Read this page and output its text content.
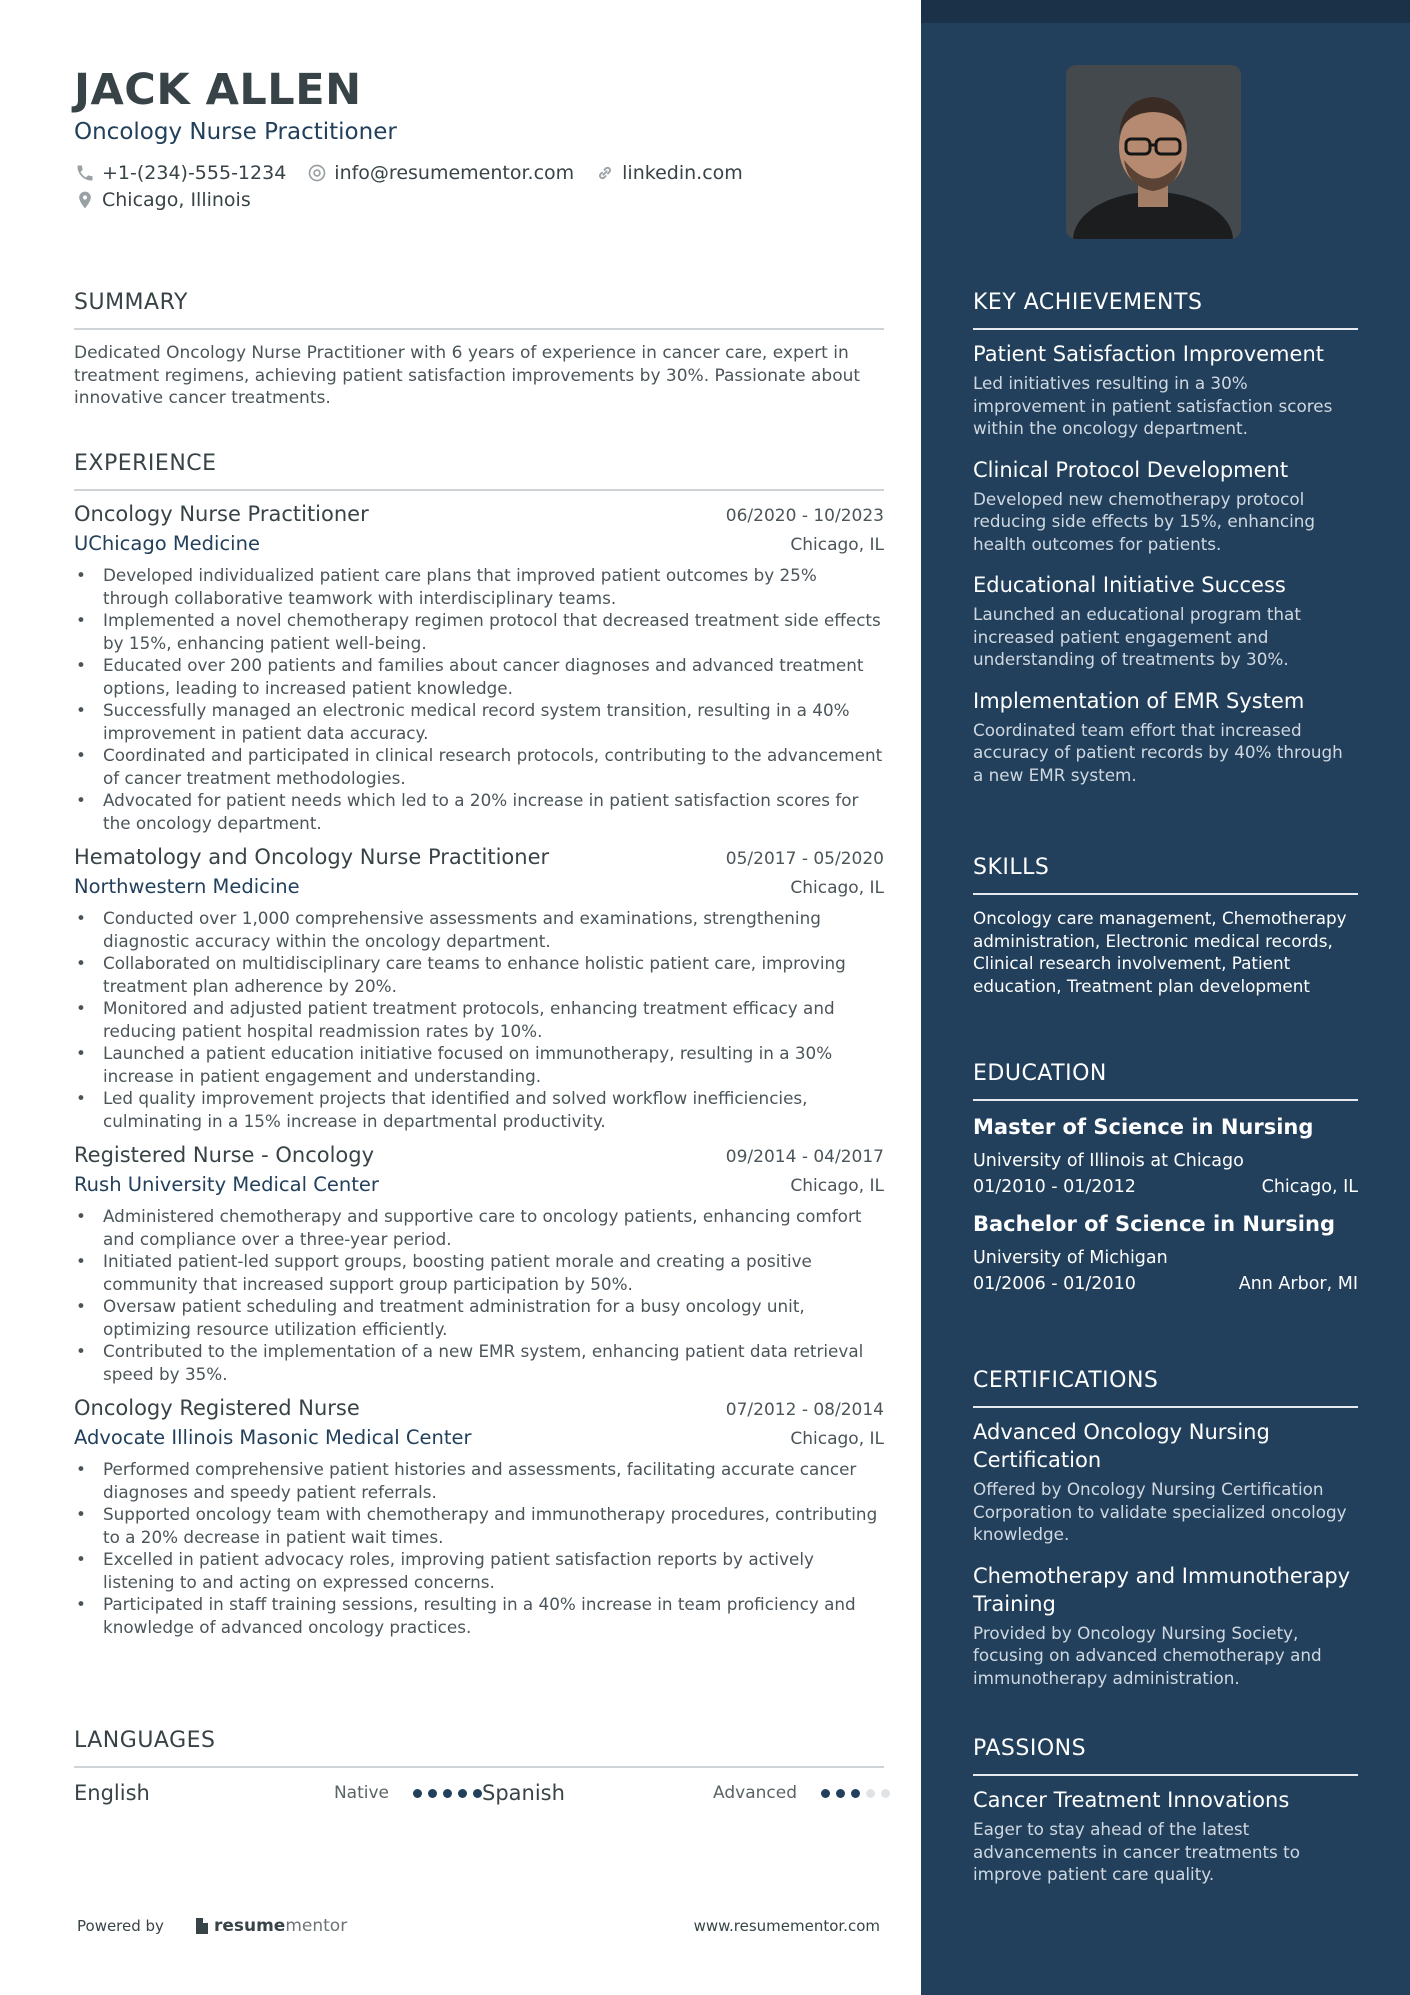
JACK ALLEN
Oncology Nurse Practitioner
+1-(234)-555-1234	info@resumementor.com	linkedin.com
Chicago, Illinois
SUMMARY

Dedicated Oncology Nurse Practitioner with 6 years of experience in cancer care, expert in treatment regimens, achieving patient satisfaction improvements by 30%. Passionate about innovative cancer treatments.

EXPERIENCE
Oncology Nurse Practitioner	06/2020 - 10/2023
UChicago Medicine	Chicago, IL
• Developed individualized patient care plans that improved patient outcomes by 25% through collaborative teamwork with interdisciplinary teams.
• Implemented a novel chemotherapy regimen protocol that decreased treatment side effects by 15%, enhancing patient well-being.
• Educated over 200 patients and families about cancer diagnoses and advanced treatment options, leading to increased patient knowledge.
• Successfully managed an electronic medical record system transition, resulting in a 40% improvement in patient data accuracy.
• Coordinated and participated in clinical research protocols, contributing to the advancement of cancer treatment methodologies.
• Advocated for patient needs which led to a 20% increase in patient satisfaction scores for the oncology department.
Hematology and Oncology Nurse Practitioner	05/2017 - 05/2020
Northwestern Medicine	Chicago, IL
• Conducted over 1,000 comprehensive assessments and examinations, strengthening diagnostic accuracy within the oncology department.
• Collaborated on multidisciplinary care teams to enhance holistic patient care, improving treatment plan adherence by 20%.
• Monitored and adjusted patient treatment protocols, enhancing treatment efficacy and reducing patient hospital readmission rates by 10%.
• Launched a patient education initiative focused on immunotherapy, resulting in a 30% increase in patient engagement and understanding.
• Led quality improvement projects that identified and solved workflow inefficiencies, culminating in a 15% increase in departmental productivity.
Registered Nurse - Oncology	09/2014 - 04/2017
Rush University Medical Center	Chicago, IL
• Administered chemotherapy and supportive care to oncology patients, enhancing comfort and compliance over a three-year period.
• Initiated patient-led support groups, boosting patient morale and creating a positive community that increased support group participation by 50%.
• Oversaw patient scheduling and treatment administration for a busy oncology unit, optimizing resource utilization efficiently.
• Contributed to the implementation of a new EMR system, enhancing patient data retrieval speed by 35%.
Oncology Registered Nurse	07/2012 - 08/2014
Advocate Illinois Masonic Medical Center	Chicago, IL
• Performed comprehensive patient histories and assessments, facilitating accurate cancer diagnoses and speedy patient referrals.
• Supported oncology team with chemotherapy and immunotherapy procedures, contributing to a 20% decrease in patient wait times.
• Excelled in patient advocacy roles, improving patient satisfaction reports by actively listening to and acting on expressed concerns.
• Participated in staff training sessions, resulting in a 40% increase in team proficiency and knowledge of advanced oncology practices.
LANGUAGES
English	Native	Spanish	Advanced
Powered by	resume mentor	www.resumementor.com
KEY ACHIEVEMENTS
Patient Satisfaction Improvement
Led initiatives resulting in a 30% improvement in patient satisfaction scores within the oncology department.
Clinical Protocol Development
Developed new chemotherapy protocol reducing side effects by 15%, enhancing health outcomes for patients.
Educational Initiative Success
Launched an educational program that increased patient engagement and understanding of treatments by 30%.
Implementation of EMR System
Coordinated team effort that increased accuracy of patient records by 40% through a new EMR system.
SKILLS
Oncology care management, Chemotherapy administration, Electronic medical records, Clinical research involvement, Patient education, Treatment plan development
EDUCATION
Master of Science in Nursing
University of Illinois at Chicago
01/2010 - 01/2012	Chicago, IL
Bachelor of Science in Nursing
University of Michigan
01/2006 - 01/2010	Ann Arbor, MI
CERTIFICATIONS
Advanced Oncology Nursing Certification
Offered by Oncology Nursing Certification Corporation to validate specialized oncology knowledge.
Chemotherapy and Immunotherapy Training
Provided by Oncology Nursing Society, focusing on advanced chemotherapy and immunotherapy administration.
PASSIONS
Cancer Treatment Innovations
Eager to stay ahead of the latest advancements in cancer treatments to improve patient care quality.
